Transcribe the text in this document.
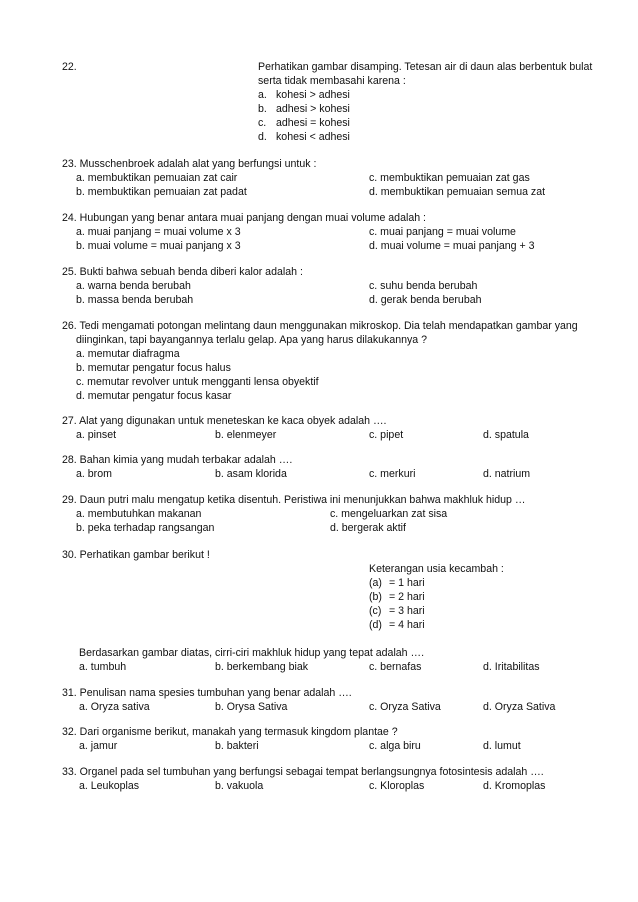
22.	Perhatikan gambar disamping. Tetesan air di daun alas berbentuk bulat
serta tidak membasahi karena :
a. kohesi > adhesi
b. adhesi > kohesi
c. adhesi = kohesi
d. kohesi < adhesi
23. Musschenbroek adalah alat yang berfungsi untuk :
a. membuktikan pemuaian zat cair	c. membuktikan pemuaian zat gas
b. membuktikan pemuaian zat padat	d. membuktikan pemuaian semua zat
24. Hubungan yang benar antara muai panjang dengan muai volume adalah :
a. muai panjang = muai volume x 3	c. muai panjang = muai volume
b. muai volume = muai panjang x 3	d. muai volume = muai panjang + 3
25. Bukti bahwa sebuah benda diberi kalor adalah :
a. warna benda berubah	c. suhu benda berubah
b. massa benda berubah	d. gerak benda berubah
26. Tedi mengamati potongan melintang daun menggunakan mikroskop. Dia telah mendapatkan gambar yang
diinginkan, tapi bayangannya terlalu gelap. Apa yang harus dilakukannya ?
a. memutar diafragma
b. memutar pengatur focus halus
c. memutar revolver untuk mengganti lensa obyektif
d. memutar pengatur focus kasar
27. Alat yang digunakan untuk meneteskan ke kaca obyek adalah ….
a. pinset	b. elenmeyer	c. pipet	d. spatula
28. Bahan kimia yang mudah terbakar adalah ….
a. brom	b. asam klorida	c. merkuri	d. natrium
29. Daun putri malu mengatup ketika disentuh. Peristiwa ini menunjukkan bahwa makhluk hidup …
a. membutuhkan makanan	c. mengeluarkan zat sisa
b. peka terhadap rangsangan	d. bergerak aktif
30. Perhatikan gambar berikut !
Keterangan usia kecambah :
(a) = 1 hari
(b) = 2 hari
(c) = 3 hari
(d) = 4 hari
Berdasarkan gambar diatas, cirri-ciri makhluk hidup yang tepat adalah ….
a. tumbuh	b. berkembang biak	c. bernafas	d. Iritabilitas
31. Penulisan nama spesies tumbuhan yang benar adalah ….
a. Oryza sativa	b. Orysa Sativa	c. Oryza Sativa	d. Oryza Sativa
32. Dari organisme berikut, manakah yang termasuk kingdom plantae ?
a. jamur	b. bakteri	c. alga biru	d. lumut
33. Organel pada sel tumbuhan yang berfungsi sebagai tempat berlangsungnya fotosintesis adalah ….
a. Leukoplas	b. vakuola	c. Kloroplas	d. Kromoplas
